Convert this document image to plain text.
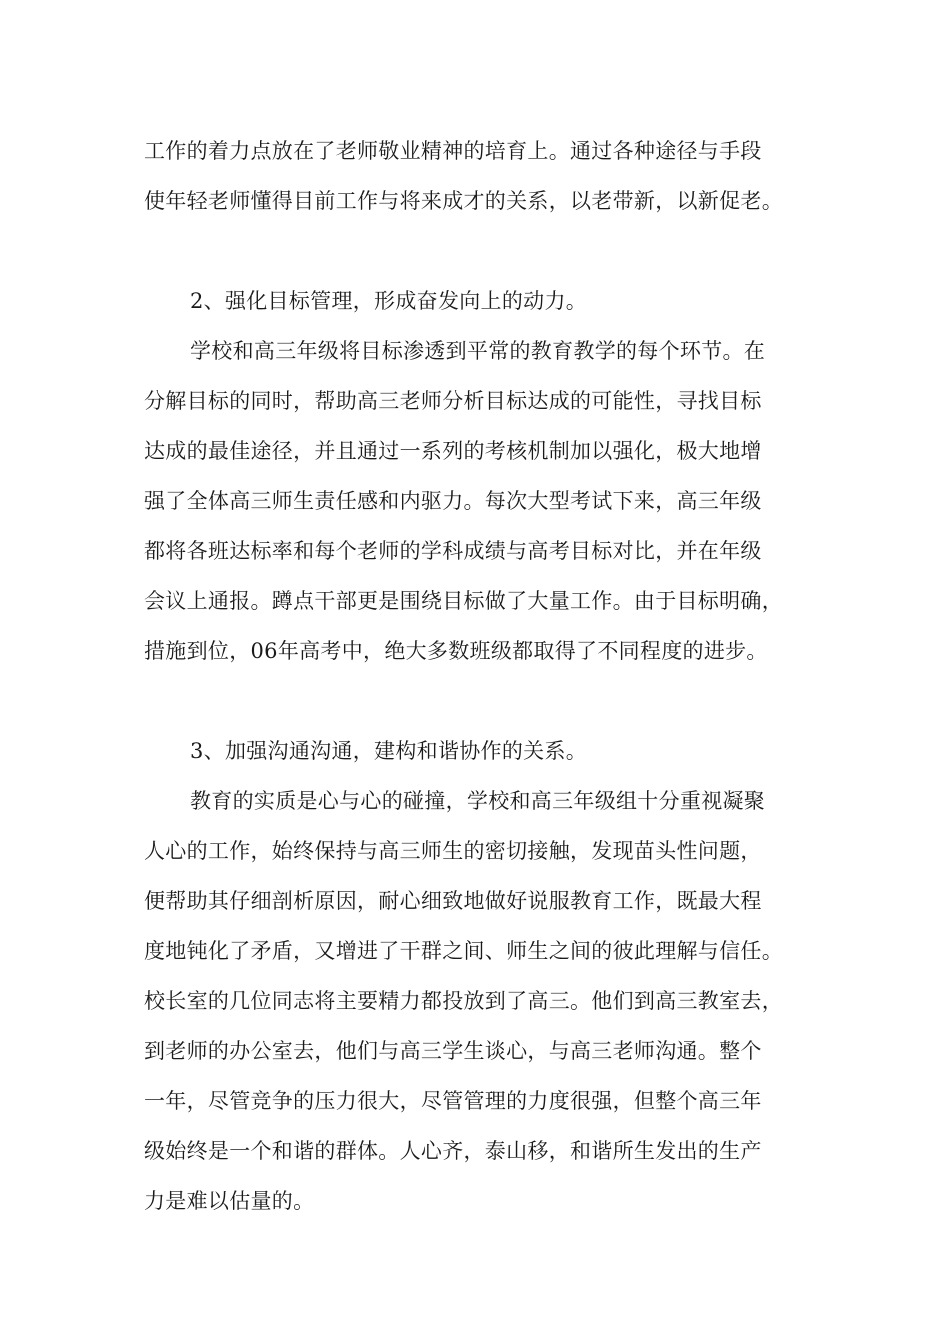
工作的着力点放在了老师敬业精神的培育上。通过各种途径与手段
使年轻老师懂得目前工作与将来成才的关系，以老带新，以新促老。
2、强化目标管理，形成奋发向上的动力。
学校和高三年级将目标渗透到平常的教育教学的每个环节。在
分解目标的同时，帮助高三老师分析目标达成的可能性，寻找目标
达成的最佳途径，并且通过一系列的考核机制加以强化，极大地增
强了全体高三师生责任感和内驱力。每次大型考试下来，高三年级
都将各班达标率和每个老师的学科成绩与高考目标对比，并在年级
会议上通报。蹲点干部更是围绕目标做了大量工作。由于目标明确，
措施到位，06年高考中，绝大多数班级都取得了不同程度的进步。
3、加强沟通沟通，建构和谐协作的关系。
教育的实质是心与心的碰撞，学校和高三年级组十分重视凝聚
人心的工作，始终保持与高三师生的密切接触，发现苗头性问题，
便帮助其仔细剖析原因，耐心细致地做好说服教育工作，既最大程
度地钝化了矛盾，又增进了干群之间、师生之间的彼此理解与信任。
校长室的几位同志将主要精力都投放到了高三。他们到高三教室去，
到老师的办公室去，他们与高三学生谈心，与高三老师沟通。整个
一年，尽管竞争的压力很大，尽管管理的力度很强，但整个高三年
级始终是一个和谐的群体。人心齐，泰山移，和谐所生发出的生产
力是难以估量的。
